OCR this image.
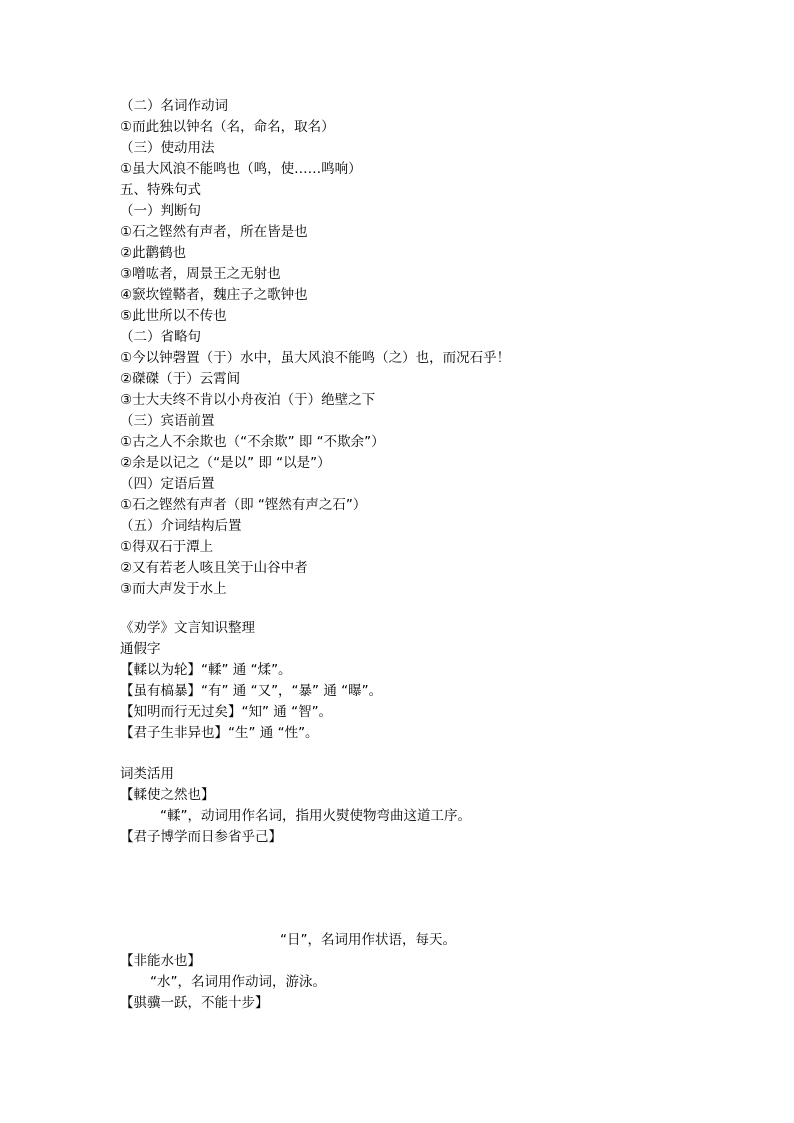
（二）名词作动词
①而此独以钟名（名，命名，取名）
（三）使动用法
①虽大风浪不能鸣也（鸣，使……鸣响）
五、特殊句式
（一）判断句
①石之铿然有声者，所在皆是也
②此鹳鹤也
③噌吰者，周景王之无射也
④窾坎镗鞳者，魏庄子之歌钟也
⑤此世所以不传也
（二）省略句
①今以钟磬置（于）水中，虽大风浪不能鸣（之）也，而况石乎！
②磔磔（于）云霄间
③士大夫终不肯以小舟夜泊（于）绝壁之下
（三）宾语前置
①古之人不余欺也（“不余欺” 即 “不欺余”）
②余是以记之（“是以” 即 “以是”）
（四）定语后置
①石之铿然有声者（即 “铿然有声之石”）
（五）介词结构后置
①得双石于潭上
②又有若老人咳且笑于山谷中者
③而大声发于水上
《劝学》文言知识整理
通假字
【輮以为轮】“輮” 通 “煣”。
【虽有槁暴】“有” 通 “又”，“暴” 通 “曝”。
【知明而行无过矣】“知” 通 “智”。
【君子生非异也】“生” 通 “性”。
词类活用
【輮使之然也】
“輮”，动词用作名词，指用火熨使物弯曲这道工序。
【君子博学而日参省乎己】
“日”，名词用作状语，每天。
【非能水也】
“水”，名词用作动词，游泳。
【骐骥一跃，不能十步】
